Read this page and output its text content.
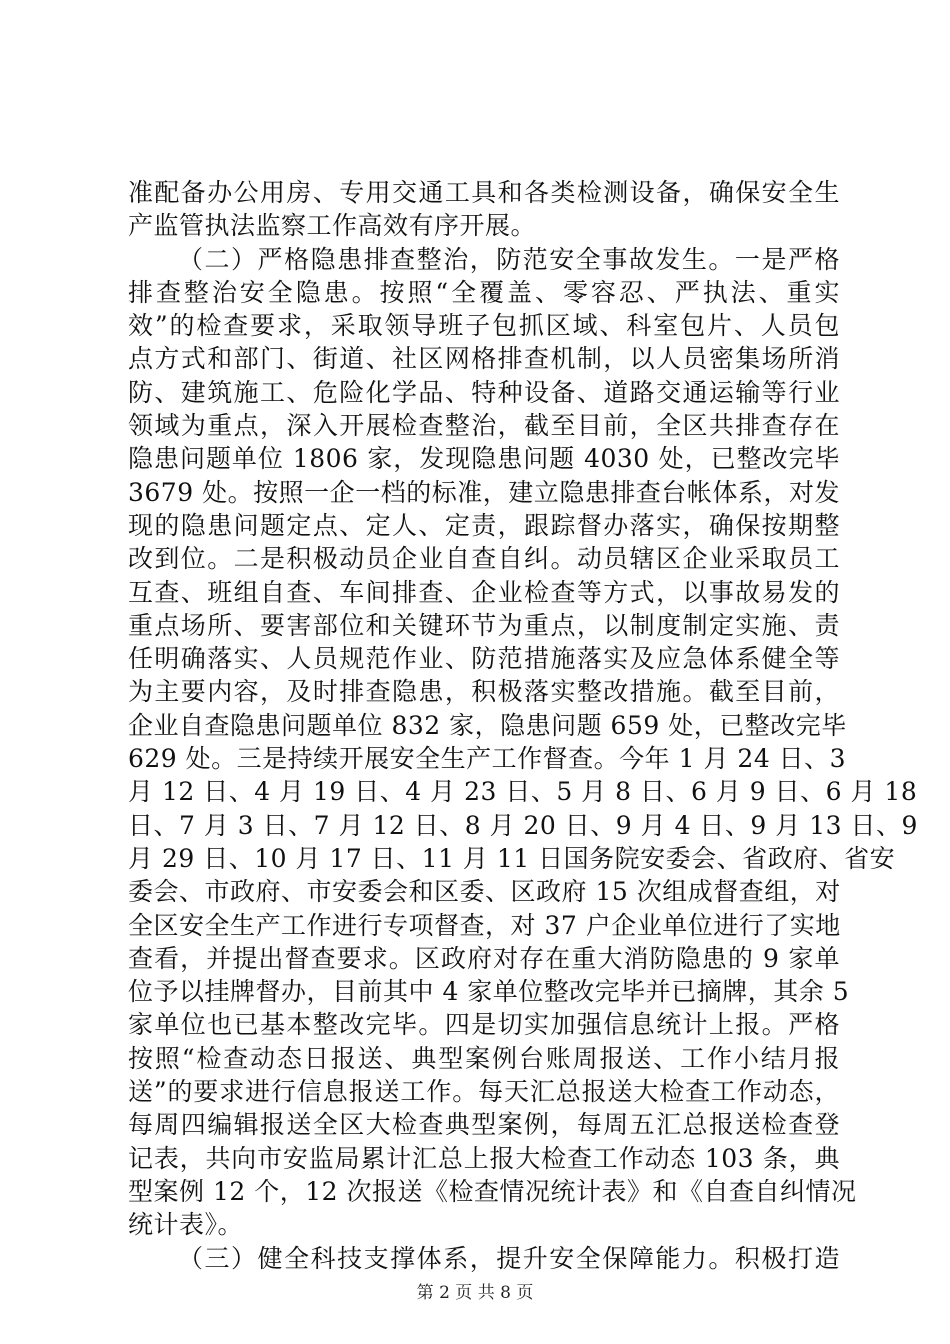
准配备办公用房、专用交通工具和各类检测设备，确保安全生
产监管执法监察工作高效有序开展。
（二）严格隐患排查整治，防范安全事故发生。一是严格
排查整治安全隐患。按照“全覆盖、零容忍、严执法、重实
效”的检查要求，采取领导班子包抓区域、科室包片、人员包
点方式和部门、街道、社区网格排查机制，以人员密集场所消
防、建筑施工、危险化学品、特种设备、道路交通运输等行业
领域为重点，深入开展检查整治，截至目前，全区共排查存在
隐患问题单位 1806 家，发现隐患问题 4030 处，已整改完毕
3679 处。按照一企一档的标准，建立隐患排查台帐体系，对发
现的隐患问题定点、定人、定责，跟踪督办落实，确保按期整
改到位。二是积极动员企业自查自纠。动员辖区企业采取员工
互查、班组自查、车间排查、企业检查等方式，以事故易发的
重点场所、要害部位和关键环节为重点，以制度制定实施、责
任明确落实、人员规范作业、防范措施落实及应急体系健全等
为主要内容，及时排查隐患，积极落实整改措施。截至目前，
企业自查隐患问题单位 832 家，隐患问题 659 处，已整改完毕
629 处。三是持续开展安全生产工作督查。今年 1 月 24 日、3
月 12 日、4 月 19 日、4 月 23 日、5 月 8 日、6 月 9 日、6 月 18
日、7 月 3 日、7 月 12 日、8 月 20 日、9 月 4 日、9 月 13 日、9
月 29 日、10 月 17 日、11 月 11 日国务院安委会、省政府、省安
委会、市政府、市安委会和区委、区政府 15 次组成督查组，对
全区安全生产工作进行专项督查，对 37 户企业单位进行了实地
查看，并提出督查要求。区政府对存在重大消防隐患的 9 家单
位予以挂牌督办，目前其中 4 家单位整改完毕并已摘牌，其余 5
家单位也已基本整改完毕。四是切实加强信息统计上报。严格
按照“检查动态日报送、典型案例台账周报送、工作小结月报
送”的要求进行信息报送工作。每天汇总报送大检查工作动态，
每周四编辑报送全区大检查典型案例，每周五汇总报送检查登
记表，共向市安监局累计汇总上报大检查工作动态 103 条，典
型案例 12 个，12 次报送《检查情况统计表》和《自查自纠情况
统计表》。
（三）健全科技支撑体系，提升安全保障能力。积极打造
第 2 页 共 8 页
